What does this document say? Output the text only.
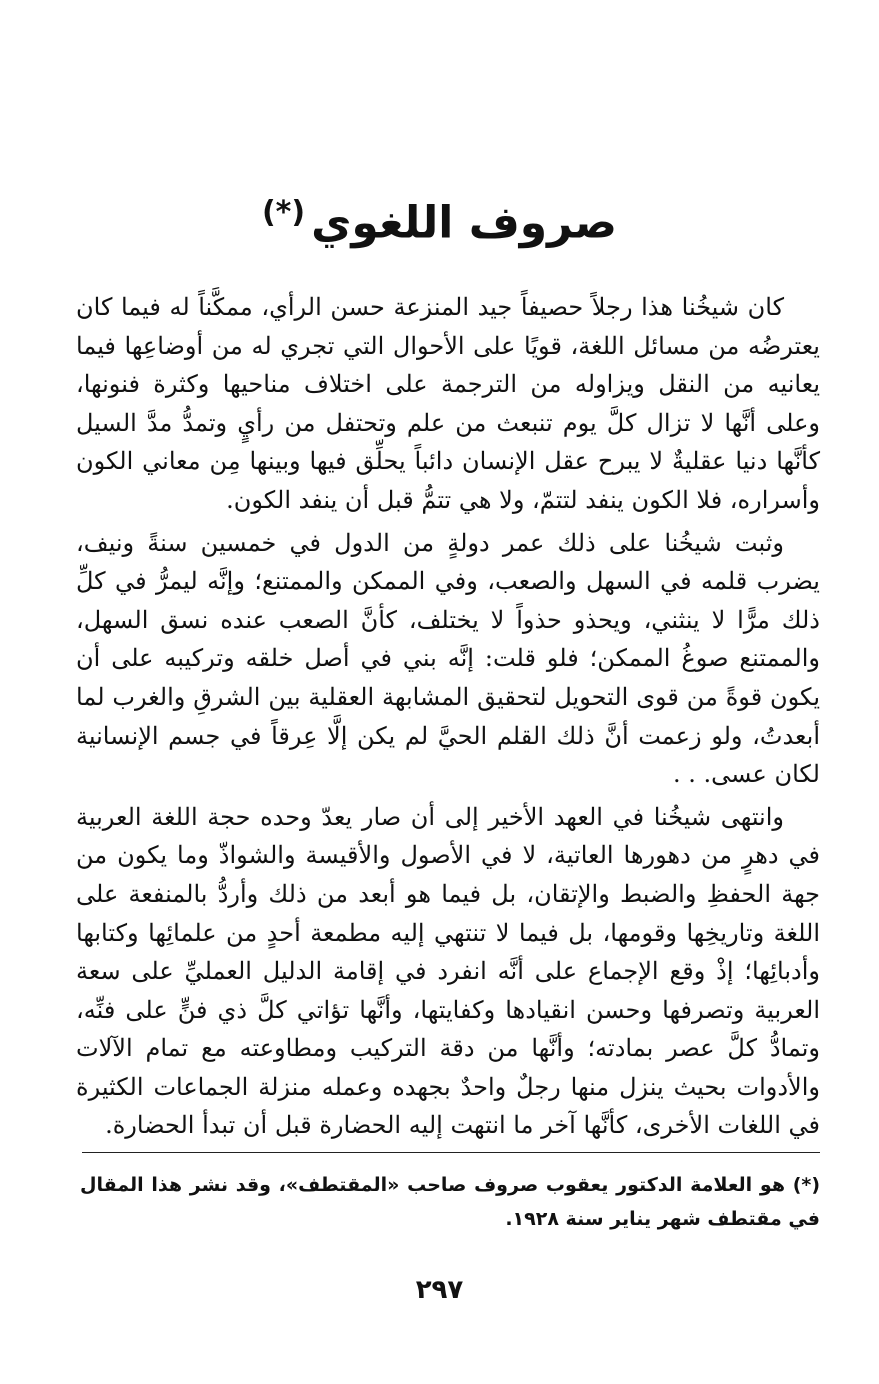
صروف اللغوي(*)

كان شيخُنا هذا رجلاً حصيفاً جيد المنزعة حسن الرأي، ممكَّناً له فيما كان يعترضُه من مسائل اللغة، قويًا على الأحوال التي تجري له من أوضاعِها فيما يعانيه من النقل ويزاوله من الترجمة على اختلاف مناحيها وكثرة فنونها، وعلى أنَّها لا تزال كلَّ يوم تنبعث من علم وتحتفل من رأيٍ وتمدُّ مدَّ السيل كأنَّها دنيا عقليةٌ لا يبرح عقل الإنسان دائباً يحلِّق فيها وبينها مِن معاني الكون وأسراره، فلا الكون ينفد لتتمّ، ولا هي تتمُّ قبل أن ينفد الكون.

وثبت شيخُنا على ذلك عمر دولةٍ من الدول في خمسين سنةً ونيف، يضرب قلمه في السهل والصعب، وفي الممكن والممتنع؛ وإنَّه ليمرُّ في كلِّ ذلك مرًّا لا ينثني، ويحذو حذواً لا يختلف، كأنَّ الصعب عنده نسق السهل، والممتنع صوغُ الممكن؛ فلو قلت: إنَّه بني في أصل خلقه وتركيبه على أن يكون قوةً من قوى التحويل لتحقيق المشابهة العقلية بين الشرقِ والغرب لما أبعدتُ، ولو زعمت أنَّ ذلك القلم الحيَّ لم يكن إلَّا عِرقاً في جسم الإنسانية لكان عسى. . .

وانتهى شيخُنا في العهد الأخير إلى أن صار يعدّ وحده حجة اللغة العربية في دهرٍ من دهورها العاتية، لا في الأصول والأقيسة والشواذّ وما يكون من جهة الحفظِ والضبط والإتقان، بل فيما هو أبعد من ذلك وأردُّ بالمنفعة على اللغة وتاريخِها وقومها، بل فيما لا تنتهي إليه مطمعة أحدٍ من علمائِها وكتابها وأدبائِها؛ إذْ وقع الإجماع على أنَّه انفرد في إقامة الدليل العمليِّ على سعة العربية وتصرفها وحسن انقيادها وكفايتها، وأنَّها تؤاتي كلَّ ذي فنٍّ على فنِّه، وتمادُّ كلَّ عصر بمادته؛ وأنَّها من دقة التركيب ومطاوعته مع تمام الآلات والأدوات بحيث ينزل منها رجلٌ واحدٌ بجهده وعمله منزلة الجماعات الكثيرة في اللغات الأخرى، كأنَّها آخر ما انتهت إليه الحضارة قبل أن تبدأ الحضارة.

(*) هو العلامة الدكتور يعقوب صروف صاحب «المقتطف»، وقد نشر هذا المقال في مقتطف شهر يناير سنة ١٩٢٨.
٢٩٧
